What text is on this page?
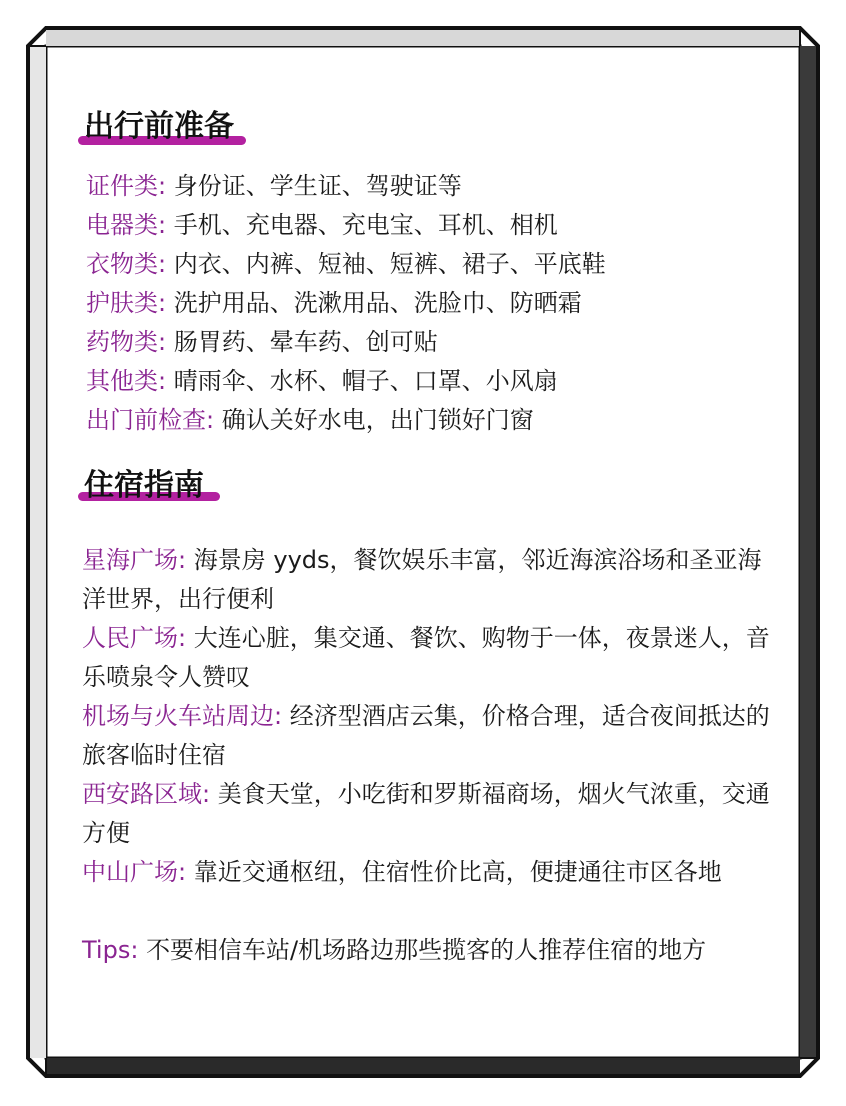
出行前准备
证件类: 身份证、学生证、驾驶证等
电器类: 手机、充电器、充电宝、耳机、相机
衣物类: 内衣、内裤、短袖、短裤、裙子、平底鞋
护肤类: 洗护用品、洗漱用品、洗脸巾、防晒霜
药物类: 肠胃药、晕车药、创可贴
其他类: 晴雨伞、水杯、帽子、口罩、小风扇
出门前检查: 确认关好水电，出门锁好门窗
住宿指南
星海广场: 海景房 yyds，餐饮娱乐丰富，邻近海滨浴场和圣亚海洋世界，出行便利
人民广场: 大连心脏，集交通、餐饮、购物于一体，夜景迷人，音乐喷泉令人赞叹
机场与火车站周边: 经济型酒店云集，价格合理，适合夜间抵达的旅客临时住宿
西安路区域: 美食天堂，小吃街和罗斯福商场，烟火气浓重，交通方便
中山广场: 靠近交通枢纽，住宿性价比高，便捷通往市区各地
Tips: 不要相信车站/机场路边那些揽客的人推荐住宿的地方
